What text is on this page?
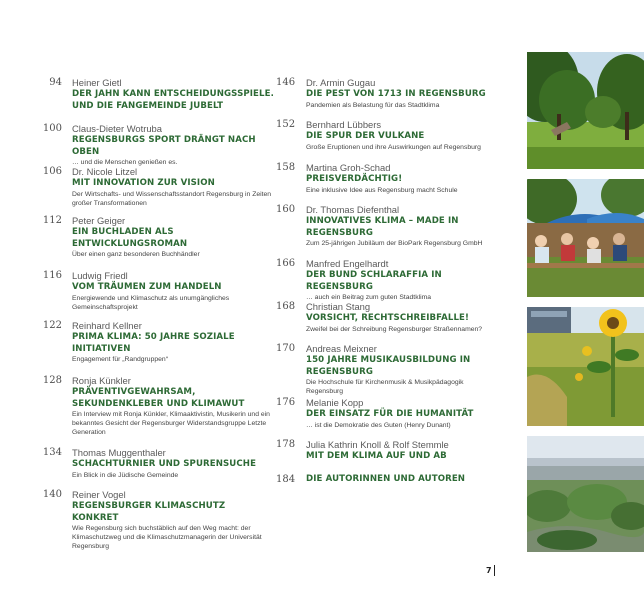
94 Heiner Gietl
DER JAHN KANN ENTSCHEIDUNGSSPIELE. UND DIE FANGEMEINDE JUBELT
100 Claus-Dieter Wotruba
REGENSBURGS SPORT DRÄNGT NACH OBEN
… und die Menschen genießen es.
106 Dr. Nicole Litzel
MIT INNOVATION ZUR VISION
Der Wirtschafts- und Wissenschaftsstandort Regensburg in Zeiten großer Transformationen
112 Peter Geiger
EIN BUCHLADEN ALS ENTWICKLUNGSROMAN
Über einen ganz besonderen Buchhändler
116 Ludwig Friedl
VOM TRÄUMEN ZUM HANDELN
Energiewende und Klimaschutz als unumgängliches Gemeinschaftsprojekt
122 Reinhard Kellner
PRIMA KLIMA: 50 JAHRE SOZIALE INITIATIVEN
Engagement für „Randgruppen“
128 Ronja Künkler
PRÄVENTIVGEWAHRSAM, SEKUNDENKLEBER UND KLIMAWUT
Ein Interview mit Ronja Künkler, Klimaaktivistin, Musikerin und ein bekanntes Gesicht der Regensburger Widerstandsgruppe Letzte Generation
134 Thomas Muggenthaler
SCHACHTURNIER UND SPURENSUCHE
Ein Blick in die Jüdische Gemeinde
140 Reiner Vogel
REGENSBURGER KLIMASCHUTZ KONKRET
Wie Regensburg sich buchstäblich auf den Weg macht: der Klimaschutzweg und die Klimaschutzmanagerin der Universität Regensburg
146 Dr. Armin Gugau
DIE PEST VON 1713 IN REGENSBURG
Pandemien als Belastung für das Stadtklima
152 Bernhard Lübbers
DIE SPUR DER VULKANE
Große Eruptionen und ihre Auswirkungen auf Regensburg
158 Martina Groh-Schad
PREISVERDÄCHTIG!
Eine inklusive Idee aus Regensburg macht Schule
160 Dr. Thomas Diefenthal
INNOVATIVES KLIMA – MADE IN REGENSBURG
Zum 25-jährigen Jubiläum der BioPark Regensburg GmbH
166 Manfred Engelhardt
DER BUND SCHLARAFFIA IN REGENSBURG
… auch ein Beitrag zum guten Stadtklima
168 Christian Stang
VORSICHT, RECHTSCHREIBFALLE!
Zweifel bei der Schreibung Regensburger Straßennamen?
170 Andreas Meixner
150 JAHRE MUSIKAUSBILDUNG IN REGENSBURG
Die Hochschule für Kirchenmusik & Musikpädagogik Regensburg
176 Melanie Kopp
DER EINSATZ FÜR DIE HUMANITÄT
… ist die Demokratie des Guten (Henry Dunant)
178 Julia Kathrin Knoll & Rolf Stemmle
MIT DEM KLIMA AUF UND AB
184 DIE AUTORINNEN UND AUTOREN
7
